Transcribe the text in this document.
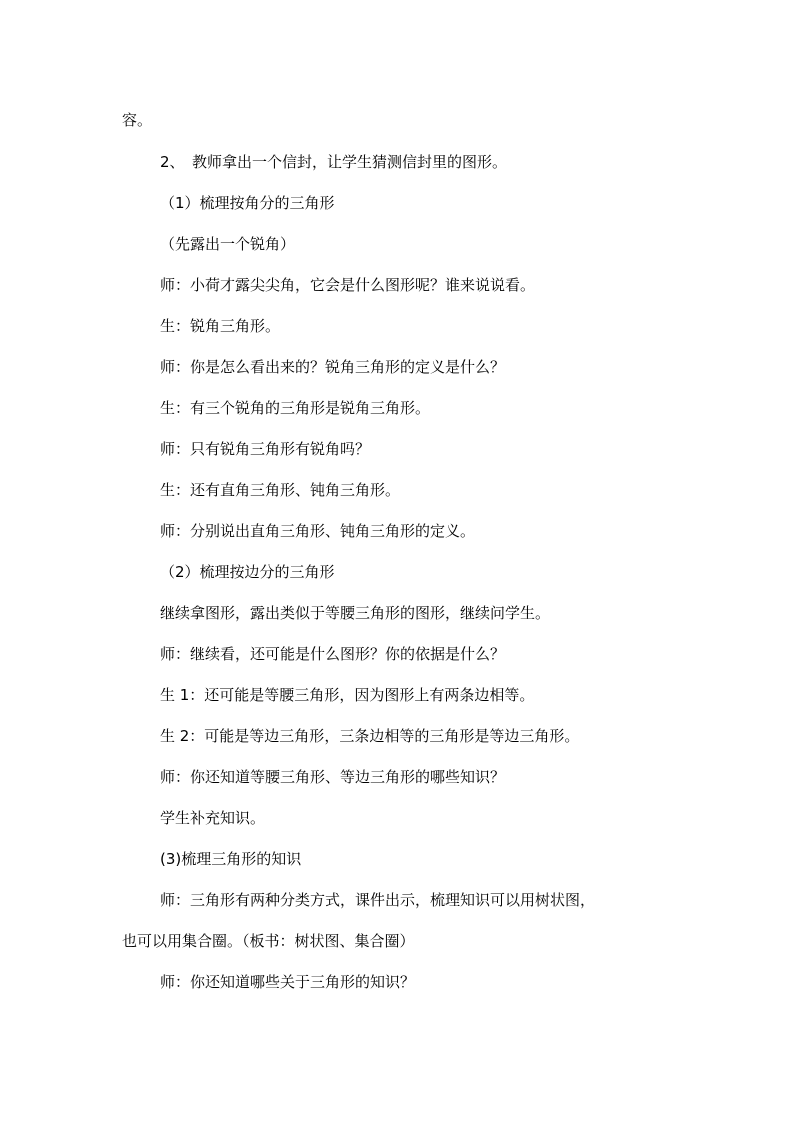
容。
2、　教师拿出一个信封，让学生猜测信封里的图形。
（1）梳理按角分的三角形
（先露出一个锐角）
师：小荷才露尖尖角，它会是什么图形呢？谁来说说看。
生：锐角三角形。
师：你是怎么看出来的？锐角三角形的定义是什么？
生：有三个锐角的三角形是锐角三角形。
师：只有锐角三角形有锐角吗？
生：还有直角三角形、钝角三角形。
师：分别说出直角三角形、钝角三角形的定义。
（2）梳理按边分的三角形
继续拿图形，露出类似于等腰三角形的图形，继续问学生。
师：继续看，还可能是什么图形？你的依据是什么？
生 1：还可能是等腰三角形，因为图形上有两条边相等。
生 2：可能是等边三角形，三条边相等的三角形是等边三角形。
师：你还知道等腰三角形、等边三角形的哪些知识？
学生补充知识。
(3)梳理三角形的知识
师：三角形有两种分类方式，课件出示，梳理知识可以用树状图，
也可以用集合圈。（板书：树状图、集合圈）
师：你还知道哪些关于三角形的知识？
